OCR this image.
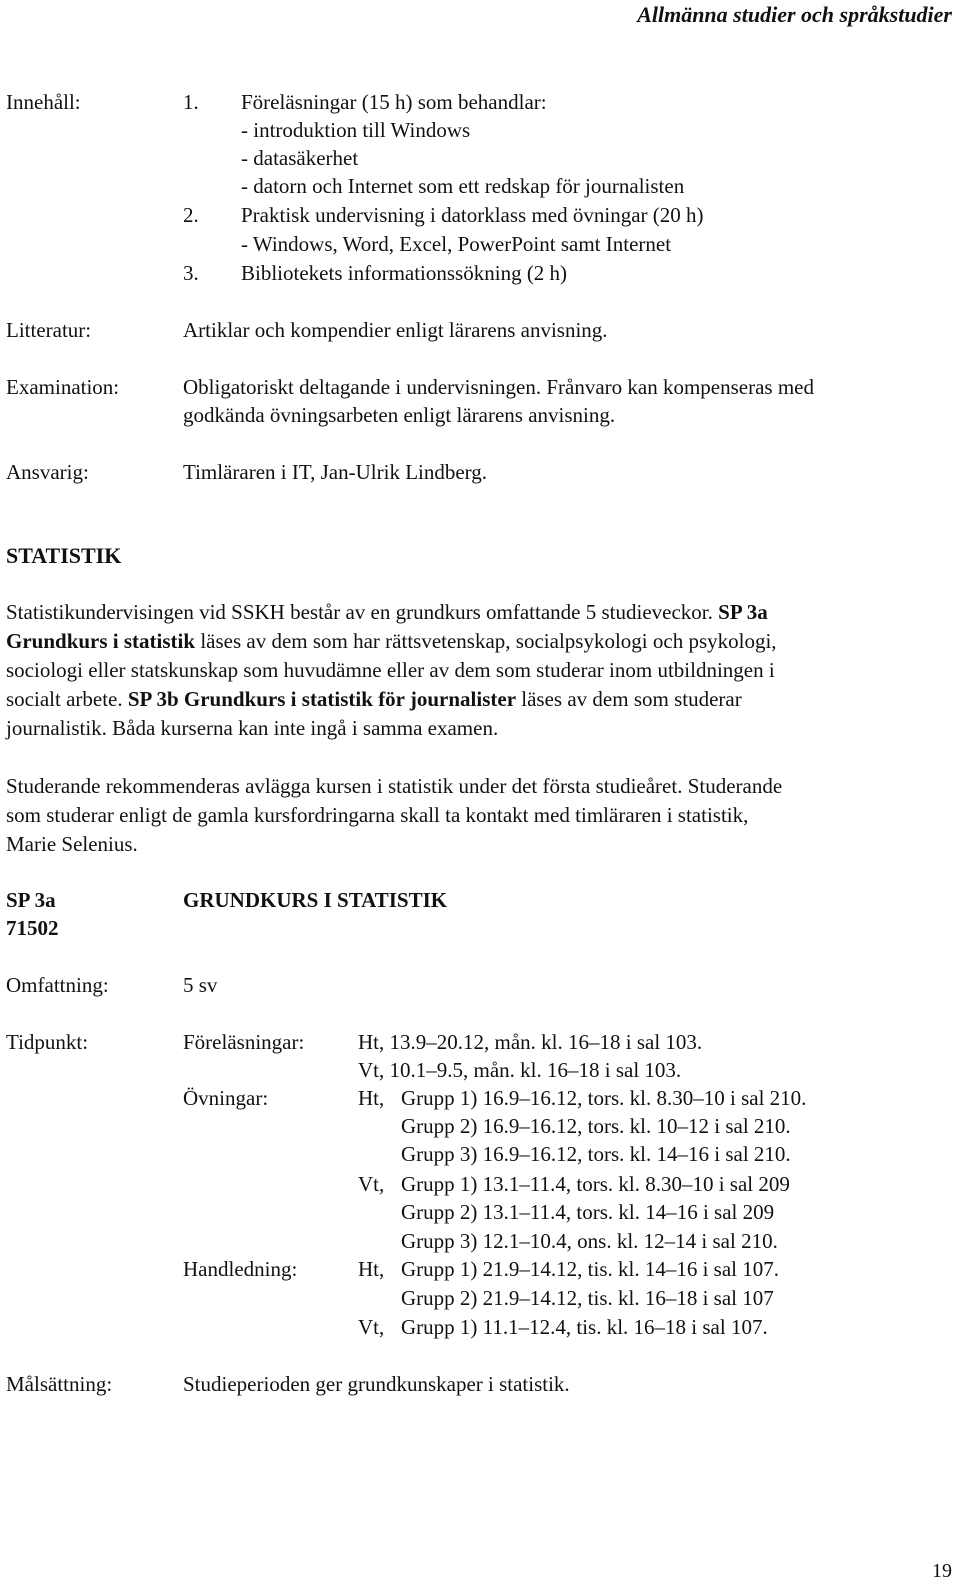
Allmänna studier och språkstudier
Innehåll:	1. Föreläsningar (15 h) som behandlar:
- introduktion till Windows
- datasäkerhet
- datorn och Internet som ett redskap för journalisten
2. Praktisk undervisning i datorklass med övningar (20 h)
- Windows, Word, Excel, PowerPoint samt Internet
3. Bibliotekets informationssökning (2 h)
Litteratur:	Artiklar och kompendier enligt lärarens anvisning.
Examination:	Obligatoriskt deltagande i undervisningen. Frånvaro kan kompenseras med
godkända övningsarbeten enligt lärarens anvisning.
Ansvarig:	Timläraren i IT, Jan-Ulrik Lindberg.
STATISTIK
Statistikundervisingen vid SSKH består av en grundkurs omfattande 5 studieveckor. SP 3a
Grundkurs i statistik läses av dem som har rättsvetenskap, socialpsykologi och psykologi,
sociologi eller statskunskap som huvudämne eller av dem som studerar inom utbildningen i
socialt arbete. SP 3b Grundkurs i statistik för journalister läses av dem som studerar
journalistik. Båda kurserna kan inte ingå i samma examen.
Studerande rekommenderas avlägga kursen i statistik under det första studieåret. Studerande
som studerar enligt de gamla kursfordringarna skall ta kontakt med timläraren i statistik,
Marie Selenius.
SP 3a
71502
GRUNDKURS I STATISTIK
Omfattning:	5 sv
Tidpunkt:	Föreläsningar:	Ht, 13.9–20.12, mån. kl. 16–18 i sal 103.
Vt, 10.1–9.5, mån. kl. 16–18 i sal 103.
Övningar:	Ht, Grupp 1) 16.9–16.12, tors. kl. 8.30–10 i sal 210.
Grupp 2) 16.9–16.12, tors. kl. 10–12 i sal 210.
Grupp 3) 16.9–16.12, tors. kl. 14–16 i sal 210.
Vt, Grupp 1) 13.1–11.4, tors. kl. 8.30–10 i sal 209
Grupp 2) 13.1–11.4, tors. kl. 14–16 i sal 209
Grupp 3) 12.1–10.4, ons. kl. 12–14 i sal 210.
Handledning:	Ht, Grupp 1) 21.9–14.12, tis. kl. 14–16 i sal 107.
Grupp 2) 21.9–14.12, tis. kl. 16–18 i sal 107
Vt, Grupp 1) 11.1–12.4, tis. kl. 16–18 i sal 107.
Målsättning:	Studieperioden ger grundkunskaper i statistik.
19
